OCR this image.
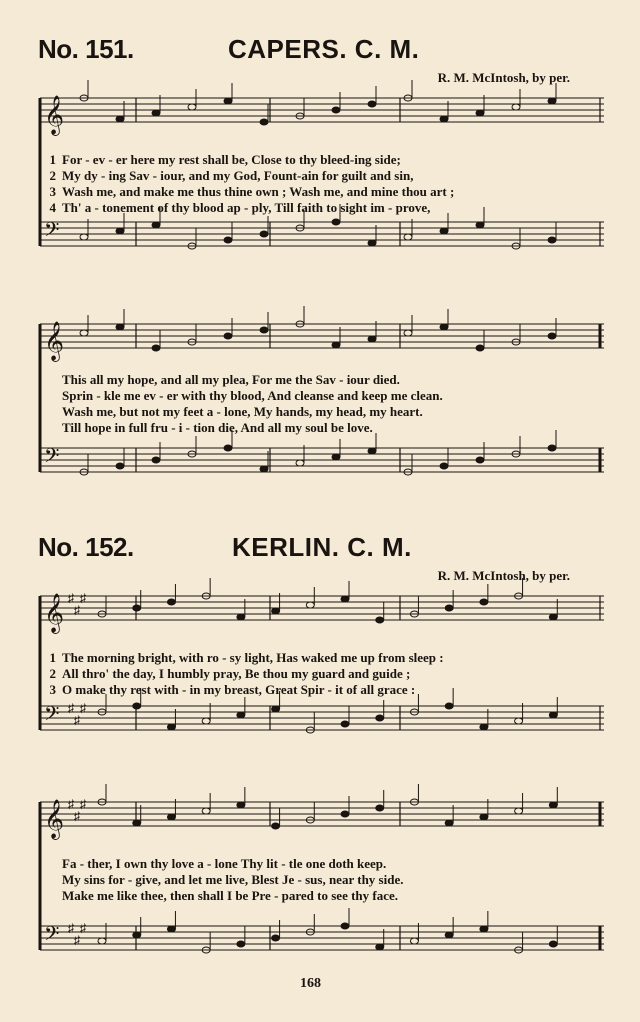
No. 151.	CAPERS. C. M.
R. M. McIntosh, by per.
𝄞
𝄢
1 For - ev - er here my rest shall be, Close to thy bleed-ing side;
2 My dy - ing Sav - iour, and my God, Fount-ain for guilt and sin,
3 Wash me, and make me thus thine own ; Wash me, and mine thou art ;
4 Th' a - tonement of thy blood ap - ply, Till faith to sight im - prove,
𝄞
𝄢
This all my hope, and all my plea, For me the Sav - iour died.
Sprin - kle me ev - er with thy blood, And cleanse and keep me clean.
Wash me, but not my feet a - lone, My hands, my head, my heart.
Till hope in full fru - i - tion die, And all my soul be love.
No. 152.	KERLIN. C. M.
R. M. McIntosh, by per.
𝄞 ♯
♯
♯
𝄢 ♯
♯
♯
1 The morning bright, with ro - sy light, Has waked me up from sleep :
2 All thro' the day, I humbly pray, Be thou my guard and guide ;
3 O make thy rest with - in my breast, Great Spir - it of all grace :
𝄞 ♯
♯
♯
𝄢 ♯
♯
♯
Fa - ther, I own thy love a - lone Thy lit - tle one doth keep.
My sins for - give, and let me live, Blest Je - sus, near thy side.
Make me like thee, then shall I be Pre - pared to see thy face.
168
